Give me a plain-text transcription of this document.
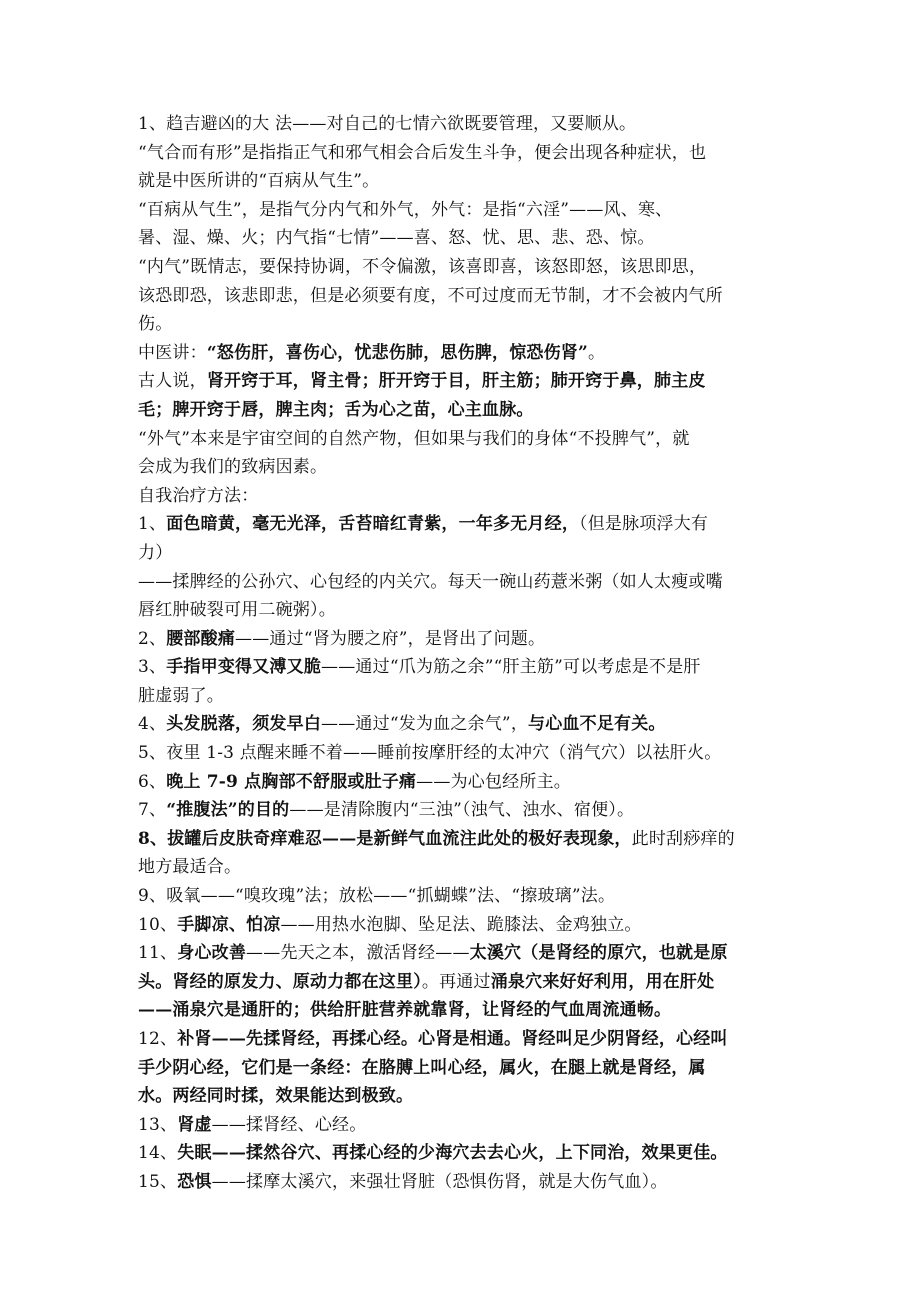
1、趋吉避凶的大 法——对自己的七情六欲既要管理，又要顺从。
“气合而有形”是指指正气和邪气相会合后发生斗争，便会出现各种症状，也
就是中医所讲的“百病从气生”。
“百病从气生”，是指气分内气和外气，外气：是指“六淫”——风、寒、
暑、湿、燥、火；内气指“七情”——喜、怒、忧、思、悲、恐、惊。
“内气”既情志，要保持协调，不令偏激，该喜即喜，该怒即怒，该思即思，
该恐即恐，该悲即悲，但是必须要有度，不可过度而无节制，才不会被内气所
伤。
中医讲：“怒伤肝，喜伤心，忧悲伤肺，思伤脾，惊恐伤肾”。
古人说，肾开窍于耳，肾主骨；肝开窍于目，肝主筋；肺开窍于鼻，肺主皮
毛；脾开窍于唇，脾主肉；舌为心之苗，心主血脉。
“外气”本来是宇宙空间的自然产物，但如果与我们的身体“不投脾气”，就
会成为我们的致病因素。
自我治疗方法：
1、面色暗黄，毫无光泽，舌苔暗红青紫，一年多无月经，（但是脉项浮大有
力）
——揉脾经的公孙穴、心包经的内关穴。每天一碗山药薏米粥（如人太瘦或嘴
唇红肿破裂可用二碗粥）。
2、腰部酸痛——通过“肾为腰之府”，是肾出了问题。
3、手指甲变得又溥又脆——通过“爪为筋之余”“肝主筋”可以考虑是不是肝
脏虚弱了。
4、头发脱落，须发早白——通过“发为血之余气”，与心血不足有关。
5、夜里 1-3 点醒来睡不着——睡前按摩肝经的太冲穴（消气穴）以祛肝火。
6、晚上 7-9 点胸部不舒服或肚子痛——为心包经所主。
7、“推腹法”的目的——是清除腹内“三浊”（浊气、浊水、宿便）。
8、拔罐后皮肤奇痒难忍——是新鲜气血流注此处的极好表现象，此时刮痧痒的
地方最适合。
9、吸氧——“嗅玫瑰”法；放松——“抓蝴蝶”法、“擦玻璃”法。
10、手脚凉、怕凉——用热水泡脚、坠足法、跪膝法、金鸡独立。
11、身心改善——先天之本，激活肾经——太溪穴（是肾经的原穴，也就是原
头。肾经的原发力、原动力都在这里）。再通过涌泉穴来好好利用，用在肝处
——涌泉穴是通肝的；供给肝脏营养就靠肾，让肾经的气血周流通畅。
12、补肾——先揉肾经，再揉心经。心肾是相通。肾经叫足少阴肾经，心经叫
手少阴心经，它们是一条经：在胳膊上叫心经，属火，在腿上就是肾经，属
水。两经同时揉，效果能达到极致。
13、肾虚——揉肾经、心经。
14、失眠——揉然谷穴、再揉心经的少海穴去去心火，上下同治，效果更佳。
15、恐惧——揉摩太溪穴，来强壮肾脏（恐惧伤肾，就是大伤气血）。
